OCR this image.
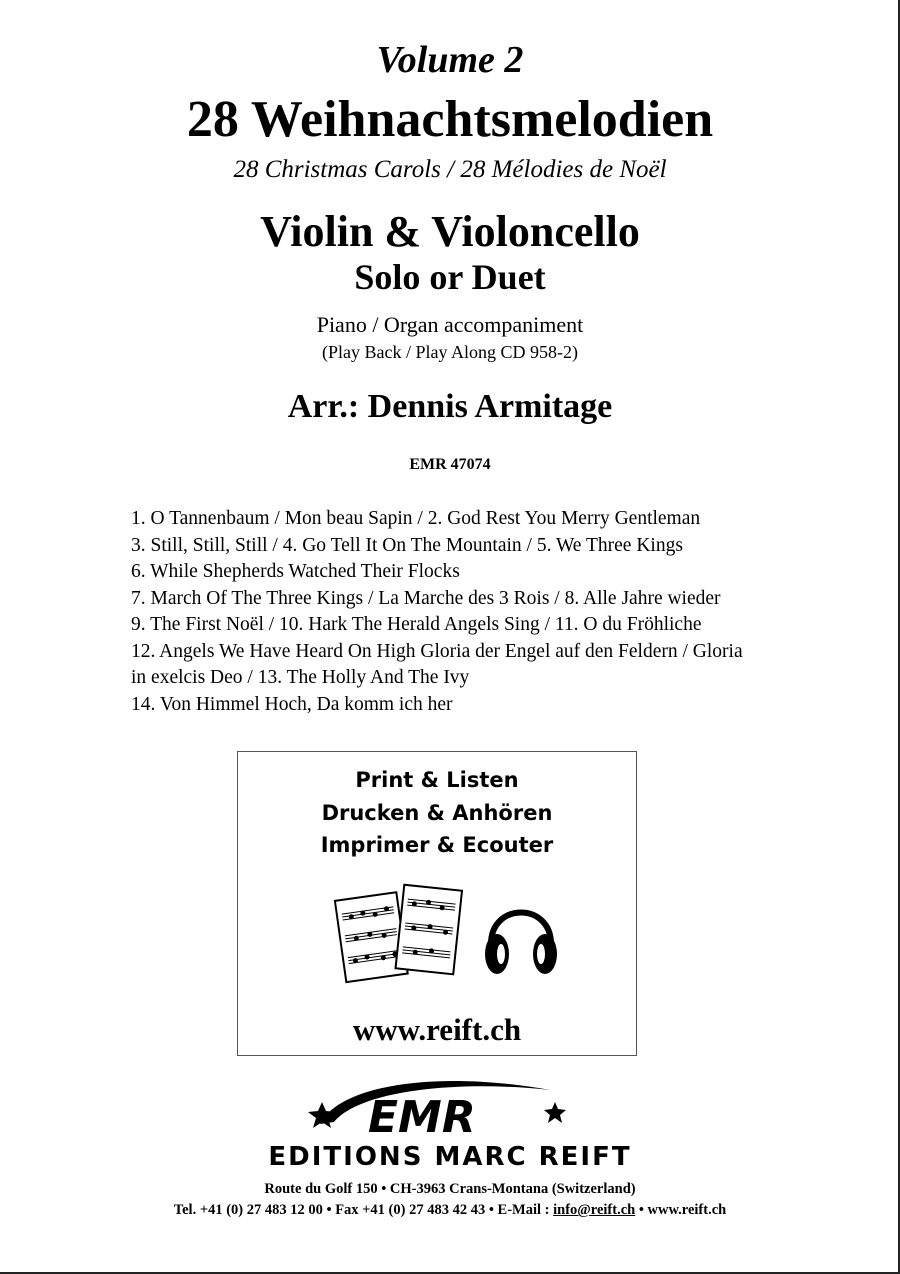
Volume 2
28 Weihnachtsmelodien
28 Christmas Carols / 28 Mélodies de Noël
Violin & Violoncello
Solo or Duet
Piano / Organ accompaniment
(Play Back / Play Along CD 958-2)
Arr.: Dennis Armitage
EMR 47074
1. O Tannenbaum / Mon beau Sapin / 2. God Rest You Merry Gentleman
3. Still, Still, Still / 4. Go Tell It On The Mountain / 5. We Three Kings
6. While Shepherds Watched Their Flocks
7. March Of The Three Kings / La Marche des 3 Rois / 8. Alle Jahre wieder
9. The First Noël / 10. Hark The Herald Angels Sing / 11. O du Fröhliche
12. Angels We Have Heard On High Gloria der Engel auf den Feldern / Gloria
in exelcis Deo / 13. The Holly And The Ivy
14. Von Himmel Hoch, Da komm ich her
Print & Listen
Drucken & Anhören
Imprimer & Ecouter
www.reift.ch
EMR
EDITIONS MARC REIFT
Route du Golf 150 • CH-3963 Crans-Montana (Switzerland)
Tel. +41 (0) 27 483 12 00 • Fax +41 (0) 27 483 42 43 • E-Mail : info@reift.ch • www.reift.ch
